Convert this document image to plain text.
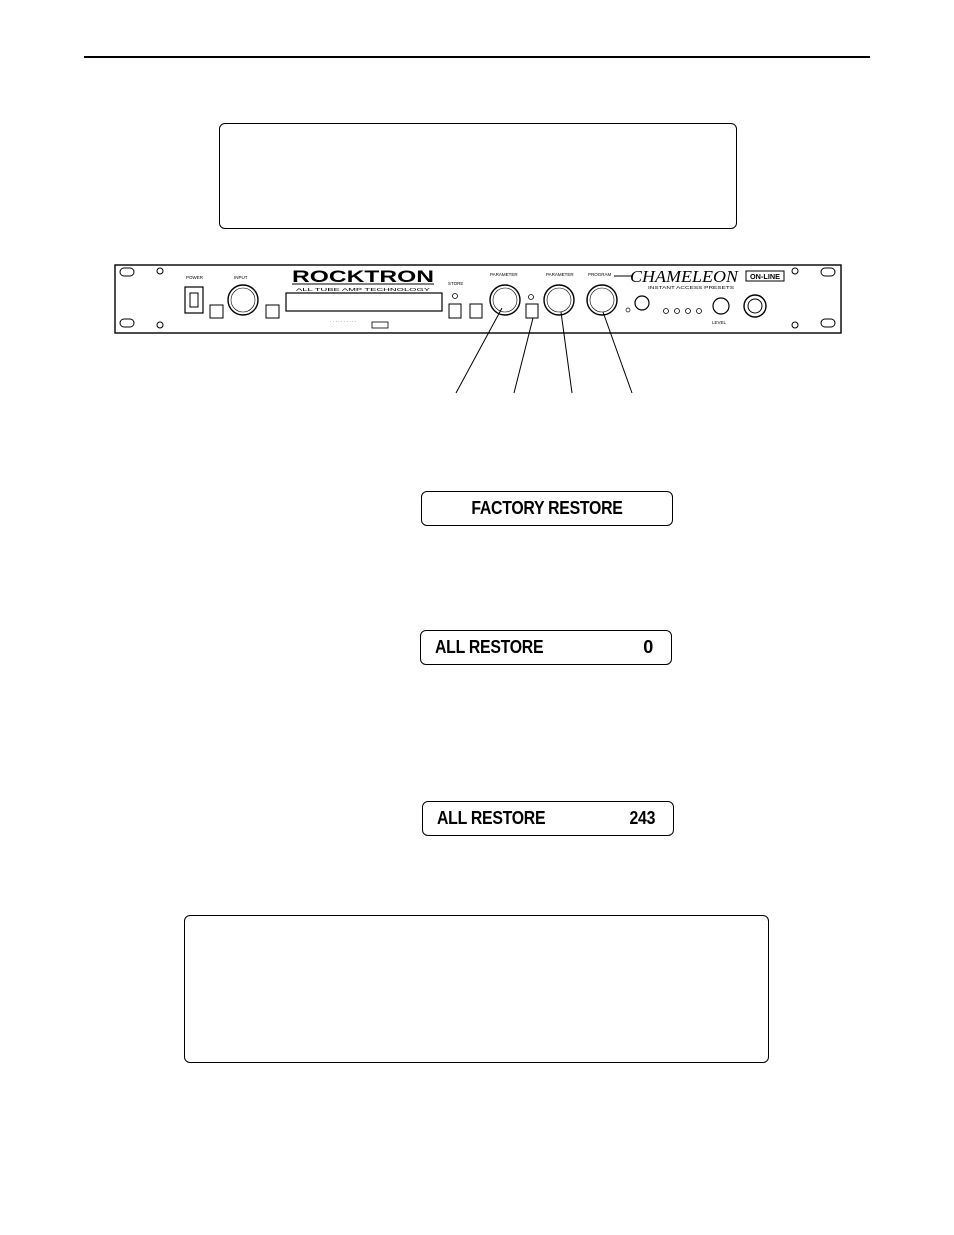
POWER	INPUT	ROCKTRON
ALL TUBE AMP TECHNOLOGY
· · · · · · · · · ·
STORE
PARAMETER	PARAMETER	PROGRAM CHAMELEON
INSTANT ACCESS PRESETS
ON-LINE
LEVEL
FACTORY RESTORE
ALL RESTORE	0
ALL RESTORE	243
